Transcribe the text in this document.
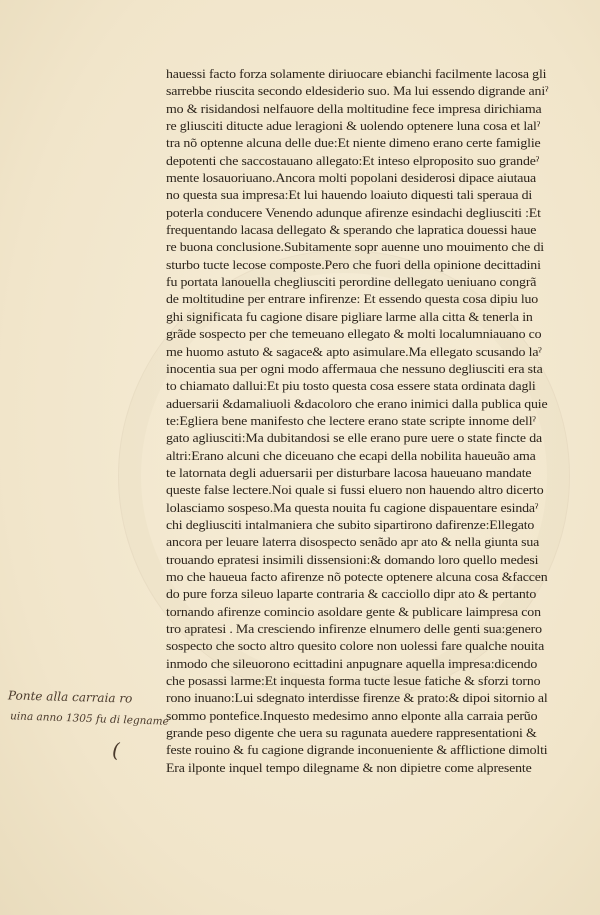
hauessi facto forza solamente diriuocare ebianchi facilmente lacosa gli
sarrebbe riuscita secondo eldesiderio suo. Ma lui essendo digrande aniˀ
mo & risidandosi nelfauore della moltitudine fece impresa dirichiama
re gliusciti ditucte adue leragioni & uolendo optenere luna cosa et lalˀ
tra nõ optenne alcuna delle due:Et niente dimeno erano certe famiglie
depotenti che saccostauano allegato:Et inteso elproposito suo grandeˀ
mente losauoriuano.Ancora molti popolani desiderosi dipace aiutaua
no questa sua impresa:Et lui hauendo loaiuto diquesti tali speraua di
poterla conducere Venendo adunque afirenze esindachi degliusciti :Et
frequentando lacasa dellegato & sperando che lapratica douessi haue
re buona conclusione.Subitamente sopr auenne uno mouimento che di
sturbo tucte lecose composte.Pero che fuori della opinione decittadini
fu portata lanouella chegliusciti perordine dellegato ueniuano congrã
de moltitudine per entrare infirenze: Et essendo questa cosa dipiu luo
ghi significata fu cagione disare pigliare larme alla citta & tenerla in
grãde sospecto per che temeuano ellegato & molti localumniauano co
me huomo astuto & sagace& apto asimulare.Ma ellegato scusando laˀ
inocentia sua per ogni modo affermaua che nessuno degliusciti era sta
to chiamato dallui:Et piu tosto questa cosa essere stata ordinata dagli
aduersarii &damaliuoli &dacoloro che erano inimici dalla publica quie
te:Egliera bene manifesto che lectere erano state scripte innome dellˀ
gato agliusciti:Ma dubitandosi se elle erano pure uere o state fincte da
altri:Erano alcuni che diceuano che ecapi della nobilita haueuão ama
te latornata degli aduersarii per disturbare lacosa haueuano mandate
queste false lectere.Noi quale si fussi eluero non hauendo altro dicerto
lolasciamo sospeso.Ma questa nouita fu cagione dispauentare esindaˀ
chi degliusciti intalmaniera che subito sipartirono dafirenze:Ellegato
ancora per leuare laterra disospecto senãdo apr ato & nella giunta sua
trouando epratesi insimili dissensioni:& domando loro quello medesi
mo che haueua facto afirenze nõ potecte optenere alcuna cosa &faccen
do pure forza sileuo laparte contraria & cacciollo dipr ato & pertanto
tornando afirenze comincio asoldare gente & publicare laimpresa con
tro apratesi . Ma cresciendo infirenze elnumero delle genti sua:genero
sospecto che socto altro quesito colore non uolessi fare qualche nouita
inmodo che sileuorono ecittadini anpugnare aquella impresa:dicendo
che posassi larme:Et inquesta forma tucte lesue fatiche & sforzi torno
rono inuano:Lui sdegnato interdisse firenze & prato:& dipoi sitornio al
sommo pontefice.Inquesto medesimo anno elponte alla carraia perũo
grande peso digente che uera su ragunata auedere rappresentationi &
feste rouino & fu cagione digrande inconueniente & afflictione dimolti
Era ilponte inquel tempo dilegname & non dipietre come alpresente
Ponte alla carraia ro
uina anno 1305 fu di legname
(
